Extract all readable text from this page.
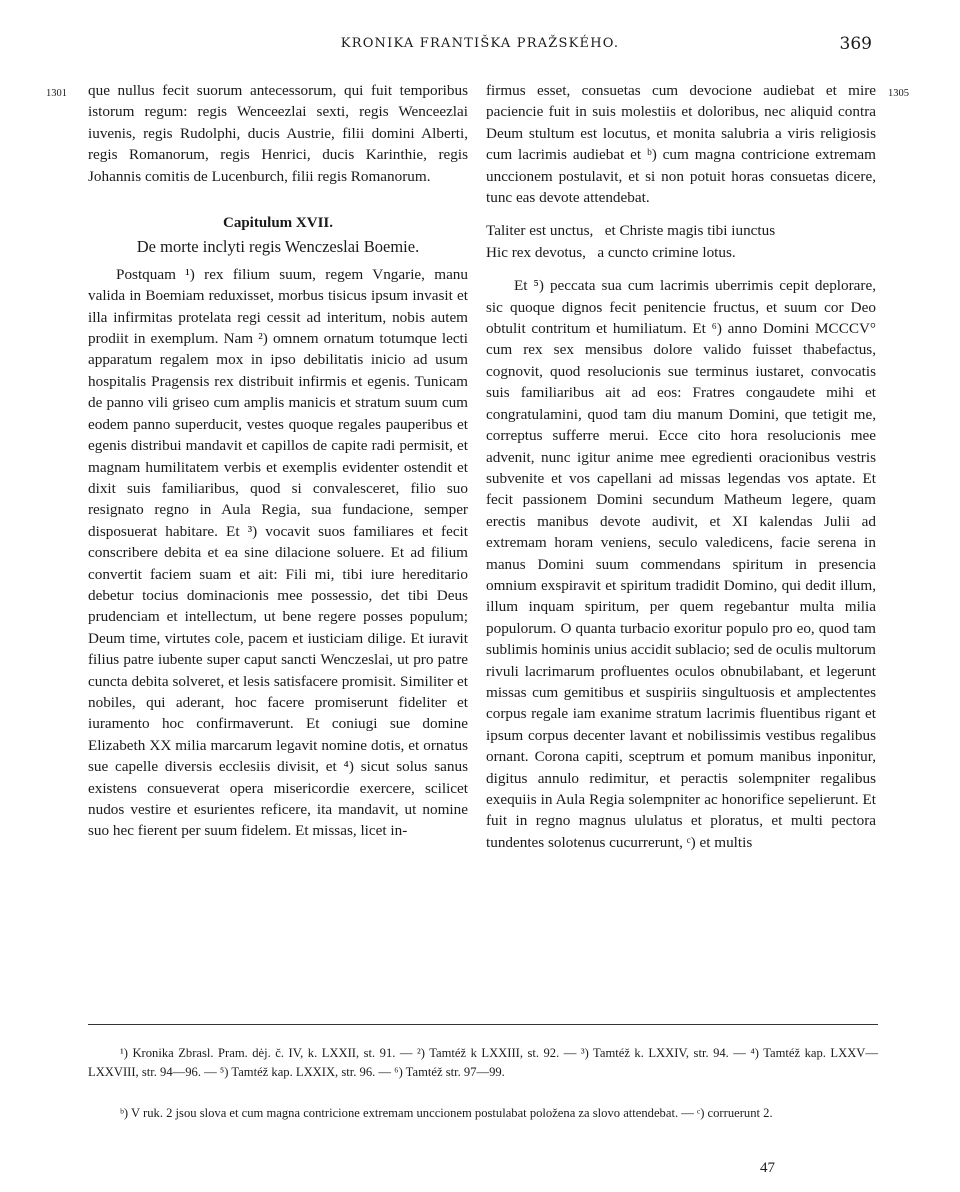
KRONIKA FRANTIŠKA PRAŽSKÉHO.	369
1301	1305

que nullus fecit suorum antecessorum, qui fuit temporibus istorum regum: regis Wenceezlai sexti, regis Wenceezlai iuvenis, regis Rudolphi, ducis Austrie, filii domini Alberti, regis Romanorum, regis Henrici, ducis Karinthie, regis Johannis comitis de Lucenburch, filii regis Romanorum.

Capitulum XVII.

De morte inclyti regis Wenczeslai Boemie.

Postquam ¹) rex filium suum, regem Vngarie, manu valida in Boemiam reduxisset, morbus tisicus ipsum invasit et illa infirmitas protelata regi cessit ad interitum, nobis autem prodiit in exemplum. Nam ²) omnem ornatum totumque lecti apparatum regalem mox in ipso debilitatis inicio ad usum hospitalis Pragensis rex distribuit infirmis et egenis. Tunicam de panno vili griseo cum amplis manicis et stratum suum cum eodem panno superducit, vestes quoque regales pauperibus et egenis distribui mandavit et capillos de capite radi permisit, et magnam humilitatem verbis et exemplis evidenter ostendit et dixit suis familiaribus, quod si convalesceret, filio suo resignato regno in Aula Regia, sua fundacione, semper disposuerat habitare. Et ³) vocavit suos familiares et fecit conscribere debita et ea sine dilacione soluere. Et ad filium convertit faciem suam et ait: Fili mi, tibi iure hereditario debetur tocius dominacionis mee possessio, det tibi Deus prudenciam et intellectum, ut bene regere posses populum; Deum time, virtutes cole, pacem et iusticiam dilige. Et iuravit filius patre iubente super caput sancti Wenczeslai, ut pro patre cuncta debita solveret, et lesis satisfacere promisit. Similiter et nobiles, qui aderant, hoc facere promiserunt fideliter et iuramento hoc confirmaverunt. Et coniugi sue domine Elizabeth XX milia marcarum legavit nomine dotis, et ornatus sue capelle diversis ecclesiis divisit, et ⁴) sicut solus sanus existens consueverat opera misericordie exercere, scilicet nudos vestire et esurientes reficere, ita mandavit, ut nomine suo hec fierent per suum fidelem. Et missas, licet in-

firmus esset, consuetas cum devocione audiebat et mire paciencie fuit in suis molestiis et doloribus, nec aliquid contra Deum stultum est locutus, et monita salubria a viris religiosis cum lacrimis audiebat et ᵇ) cum magna contricione extremam unccionem postulavit, et si non potuit horas consuetas dicere, tunc eas devote attendebat.

Taliter est unctus,   et Christe magis tibi iunctus
Hic rex devotus,   a cuncto crimine lotus.

Et ⁵) peccata sua cum lacrimis uberrimis cepit deplorare, sic quoque dignos fecit penitencie fructus, et suum cor Deo obtulit contritum et humiliatum. Et ⁶) anno Domini MCCCV° cum rex sex mensibus dolore valido fuisset thabefactus, cognovit, quod resolucionis sue terminus iustaret, convocatis suis familiaribus ait ad eos: Fratres congaudete mihi et congratulamini, quod tam diu manum Domini, que tetigit me, correptus sufferre merui. Ecce cito hora resolucionis mee advenit, nunc igitur anime mee egredienti oracionibus vestris subvenite et vos capellani ad missas legendas vos aptate. Et fecit passionem Domini secundum Matheum legere, quam erectis manibus devote audivit, et XI kalendas Julii ad extremam horam veniens, seculo valedicens, facie serena in manus Domini suum commendans spiritum in presencia omnium exspiravit et spiritum tradidit Domino, qui dedit illum, illum inquam spiritum, per quem regebantur multa milia populorum. O quanta turbacio exoritur populo pro eo, quod tam sublimis hominis unius accidit sublacio; sed de oculis multorum rivuli lacrimarum profluentes oculos obnubilabant, et legerunt missas cum gemitibus et suspiriis singultuosis et amplectentes corpus regale iam exanime stratum lacrimis fluentibus rigant et ipsum corpus decenter lavant et nobilissimis vestibus regalibus ornant. Corona capiti, sceptrum et pomum manibus inponitur, digitus annulo redimitur, et peractis solempniter regalibus exequiis in Aula Regia solempniter ac honorifice sepelierunt. Et fuit in regno magnus ululatus et ploratus, et multi pectora tundentes solotenus cucurrerunt, ᶜ) et multis

¹) Kronika Zbrasl. Pram. dėj. č. IV, k. LXXII, st. 91. — ²) Tamtéž k LXXIII, st. 92. — ³) Tamtéž k. LXXIV, str. 94. — ⁴) Tamtéž kap. LXXV—LXXVIII, str. 94—96. — ⁵) Tamtéž kap. LXXIX, str. 96. — ⁶) Tamtéž str. 97—99.

ᵇ) V ruk. 2 jsou slova et cum magna contricione extremam unccionem postulabat položena za slovo attendebat. — ᶜ) corruerunt 2.

47
